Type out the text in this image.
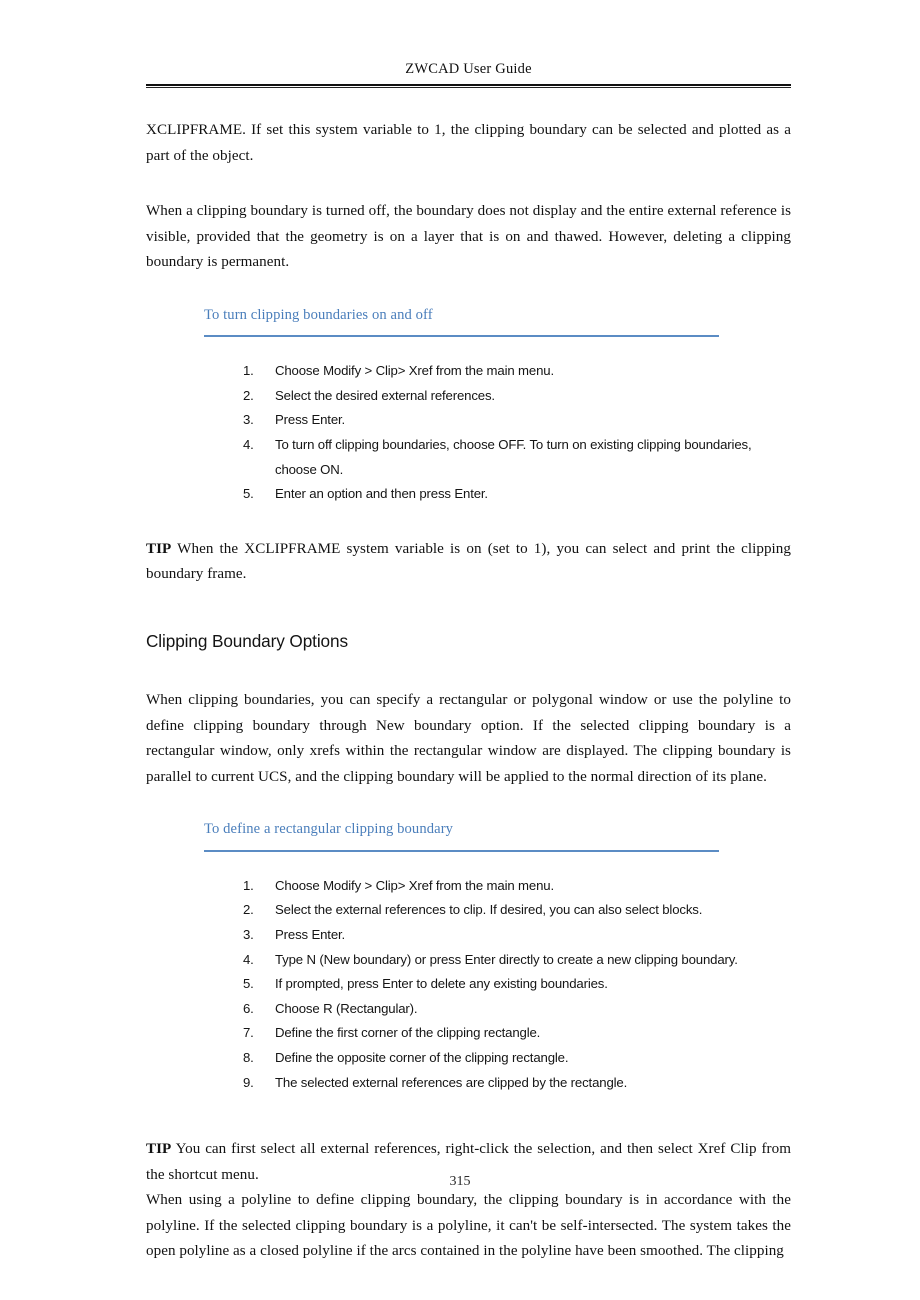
ZWCAD User Guide

XCLIPFRAME. If set this system variable to 1, the clipping boundary can be selected and plotted as a part of the object.

When a clipping boundary is turned off, the boundary does not display and the entire external reference is visible, provided that the geometry is on a layer that is on and thawed. However, deleting a clipping boundary is permanent.

To turn clipping boundaries on and off
1.	Choose Modify > Clip> Xref from the main menu.
2.	Select the desired external references.
3.	Press Enter.
4.	To turn off clipping boundaries, choose OFF. To turn on existing clipping boundaries, choose ON.
5.	Enter an option and then press Enter.

TIP When the XCLIPFRAME system variable is on (set to 1), you can select and print the clipping boundary frame.

Clipping Boundary Options

When clipping boundaries, you can specify a rectangular or polygonal window or use the polyline to define clipping boundary through New boundary option. If the selected clipping boundary is a rectangular window, only xrefs within the rectangular window are displayed. The clipping boundary is parallel to current UCS, and the clipping boundary will be applied to the normal direction of its plane.

To define a rectangular clipping boundary
1.	Choose Modify > Clip> Xref from the main menu.
2.	Select the external references to clip. If desired, you can also select blocks.
3.	Press Enter.
4.	Type N (New boundary) or press Enter directly to create a new clipping boundary.
5.	If prompted, press Enter to delete any existing boundaries.
6.	Choose R (Rectangular).
7.	Define the first corner of the clipping rectangle.
8.	Define the opposite corner of the clipping rectangle.
9.	The selected external references are clipped by the rectangle.

TIP You can first select all external references, right-click the selection, and then select Xref Clip from the shortcut menu.

When using a polyline to define clipping boundary, the clipping boundary is in accordance with the polyline. If the selected clipping boundary is a polyline, it can't be self-intersected. The system takes the open polyline as a closed polyline if the arcs contained in the polyline have been smoothed. The clipping

315
